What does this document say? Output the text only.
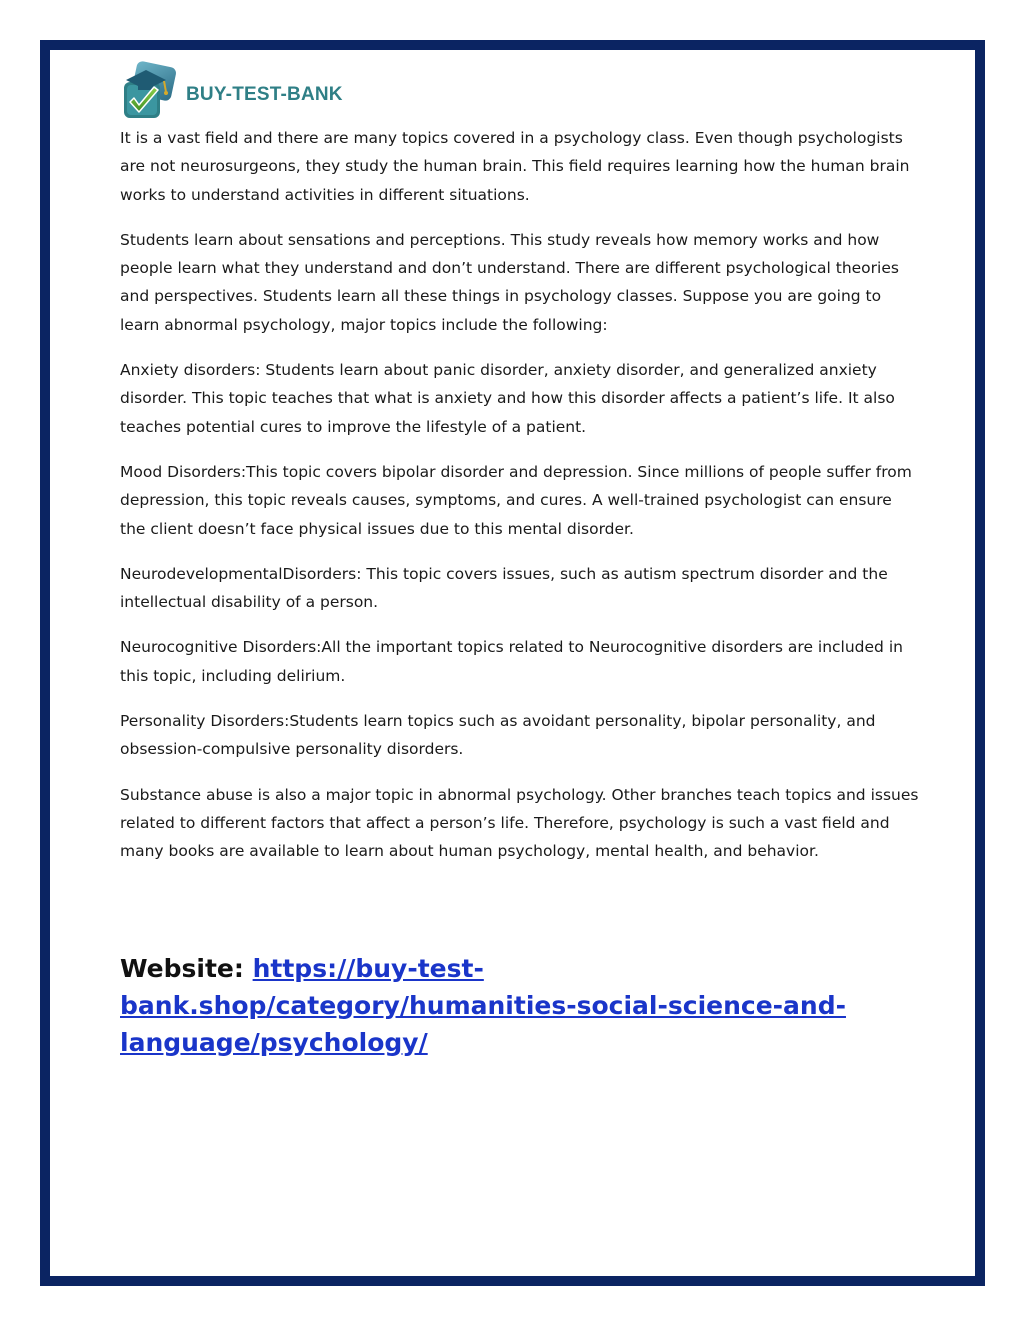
BUY-TEST-BANK

It is a vast field and there are many topics covered in a psychology class. Even though psychologists are not neurosurgeons, they study the human brain. This field requires learning how the human brain works to understand activities in different situations.

Students learn about sensations and perceptions. This study reveals how memory works and how people learn what they understand and don’t understand. There are different psychological theories and perspectives. Students learn all these things in psychology classes. Suppose you are going to learn abnormal psychology, major topics include the following:

Anxiety disorders: Students learn about panic disorder, anxiety disorder, and generalized anxiety disorder. This topic teaches that what is anxiety and how this disorder affects a patient’s life. It also teaches potential cures to improve the lifestyle of a patient.

Mood Disorders:This topic covers bipolar disorder and depression. Since millions of people suffer from depression, this topic reveals causes, symptoms, and cures. A well-trained psychologist can ensure the client doesn’t face physical issues due to this mental disorder.

NeurodevelopmentalDisorders: This topic covers issues, such as autism spectrum disorder and the intellectual disability of a person.

Neurocognitive Disorders:All the important topics related to Neurocognitive disorders are included in this topic, including delirium.

Personality Disorders:Students learn topics such as avoidant personality, bipolar personality, and obsession-compulsive personality disorders.

Substance abuse is also a major topic in abnormal psychology. Other branches teach topics and issues related to different factors that affect a person’s life. Therefore, psychology is such a vast field and many books are available to learn about human psychology, mental health, and behavior.

Website: https://buy-test-bank.shop/category/humanities-social-science-and-language/psychology/
